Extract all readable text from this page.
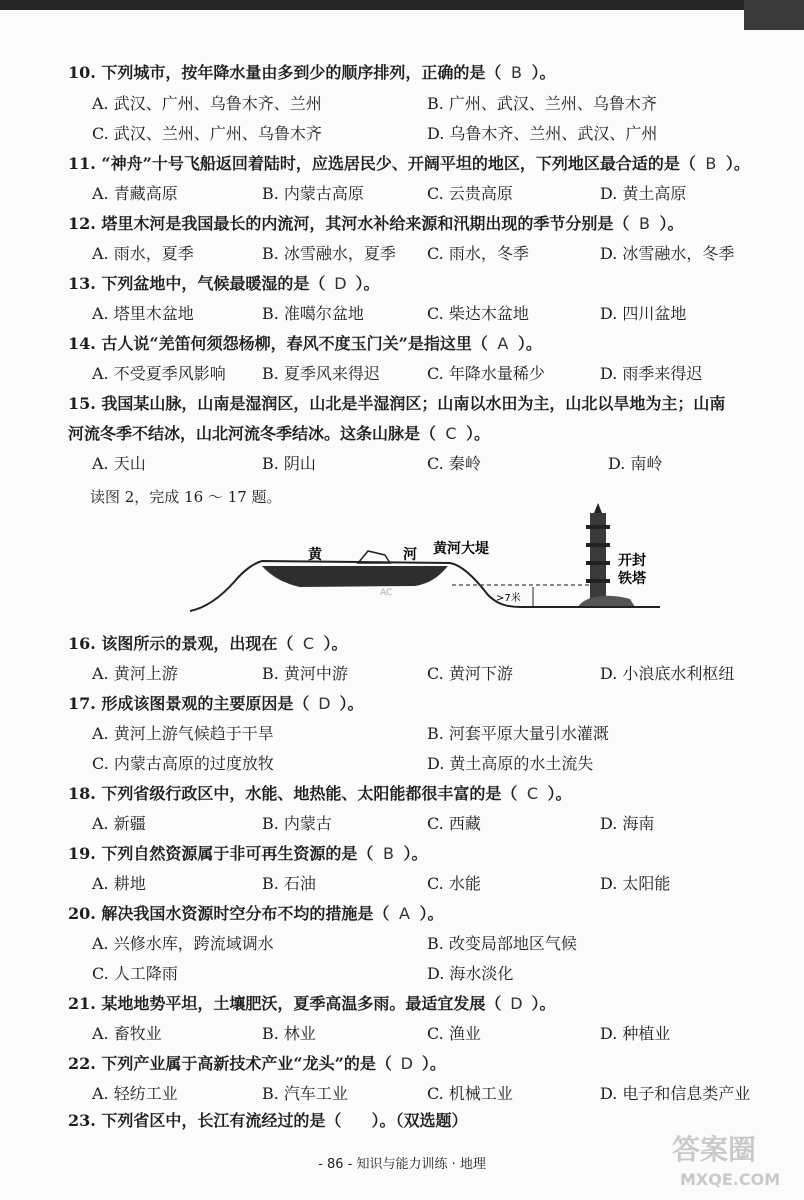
10. 下列城市，按年降水量由多到少的顺序排列，正确的是（ B ）。
A. 武汉、广州、乌鲁木齐、兰州	B. 广州、武汉、兰州、乌鲁木齐
C. 武汉、兰州、广州、乌鲁木齐	D. 乌鲁木齐、兰州、武汉、广州
11. “神舟”十号飞船返回着陆时，应选居民少、开阔平坦的地区，下列地区最合适的是（ B ）。
A. 青藏高原	B. 内蒙古高原	C. 云贵高原	D. 黄土高原
12. 塔里木河是我国最长的内流河，其河水补给来源和汛期出现的季节分别是（ B ）。
A. 雨水，夏季	B. 冰雪融水，夏季 C. 雨水，冬季	D. 冰雪融水，冬季
13. 下列盆地中，气候最暖湿的是（ D ）。
A. 塔里木盆地	B. 准噶尔盆地	C. 柴达木盆地	D. 四川盆地
14. 古人说“羌笛何须怨杨柳，春风不度玉门关”是指这里（ A ）。
A. 不受夏季风影响 B. 夏季风来得迟	C. 年降水量稀少	D. 雨季来得迟
15. 我国某山脉，山南是湿润区，山北是半湿润区；山南以水田为主，山北以旱地为主；山南
河流冬季不结冰，山北河流冬季结冰。这条山脉是（ C ）。
A. 天山	B. 阴山	C. 秦岭	D. 南岭
读图 2，完成 16 ～ 17 题。
黄	河 黄河大堤
开封
铁塔
>7米
AC
16. 该图所示的景观，出现在（ C ）。
A. 黄河上游	B. 黄河中游	C. 黄河下游	D. 小浪底水利枢纽
17. 形成该图景观的主要原因是（ D ）。
A. 黄河上游气候趋于干旱	B. 河套平原大量引水灌溉
C. 内蒙古高原的过度放牧	D. 黄土高原的水土流失
18. 下列省级行政区中，水能、地热能、太阳能都很丰富的是（ C ）。
A. 新疆	B. 内蒙古	C. 西藏	D. 海南
19. 下列自然资源属于非可再生资源的是（ B ）。
A. 耕地	B. 石油	C. 水能	D. 太阳能
20. 解决我国水资源时空分布不均的措施是（ A ）。
A. 兴修水库，跨流域调水	B. 改变局部地区气候
C. 人工降雨	D. 海水淡化
21. 某地地势平坦，土壤肥沃，夏季高温多雨。最适宜发展（ D ）。
A. 畜牧业	B. 林业	C. 渔业	D. 种植业
22. 下列产业属于高新技术产业“龙头”的是（ D ）。
A. 轻纺工业	B. 汽车工业	C. 机械工业	D. 电子和信息类产业
23. 下列省区中，长江有流经过的是（ ）。（双选题）
- 86 - 知识与能力训练 · 地理	答案圈
MXQE.COM
